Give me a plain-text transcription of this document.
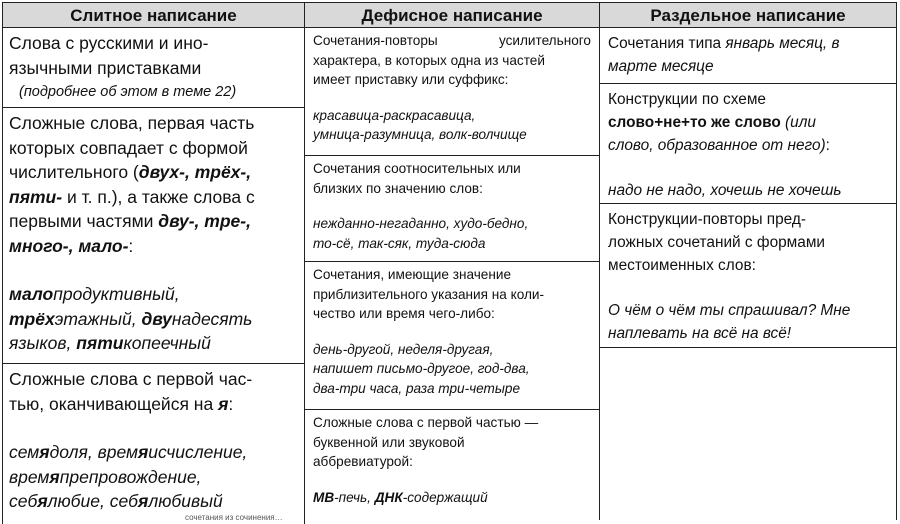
Слитное написание
Слова с русскими и ино-
язычными приставками
(подробнее об этом в теме 22)
Сложные слова, первая часть
которых совпадает с формой
числительного (двух-, трёх-,
пяти- и т. п.), а также слова с
первыми частями дву-, тре-,
много-, мало-:
малопродуктивный,
трёхэтажный, двунадесять
языков, пятикопеечный
Сложные слова с первой час-
тью, оканчивающейся на я:
семядоля, времяисчисление,
времяпрепровождение,
себялюбие, себялюбивый
Дефисное написание
Сочетания-повторы усилительного
характера, в которых одна из частей
имеет приставку или суффикс:
красавица-раскрасавица,
умница-разумница, волк-волчище
Сочетания соотносительных или
близких по значению слов:
нежданно-негаданно, худо-бедно,
то-сё, так-сяк, туда-сюда
Сочетания, имеющие значение
приблизительного указания на коли-
чество или время чего-либо:
день-другой, неделя-другая,
напишет письмо-другое, год-два,
два-три часа, раза три-четыре
Сложные слова с первой частью —
буквенной или звуковой
аббревиатурой:
МВ-печь, ДНК-содержащий
Раздельное написание
Сочетания типа январь месяц, в
марте месяце
Конструкции по схеме
слово+не+то же слово (или
слово, образованное от него):
надо не надо, хочешь не хочешь
Конструкции-повторы пред-
ложных сочетаний с формами
местоименных слов:
О чём о чём ты спрашивал? Мне
наплевать на всё на всё!
сочетания из сочинения…
